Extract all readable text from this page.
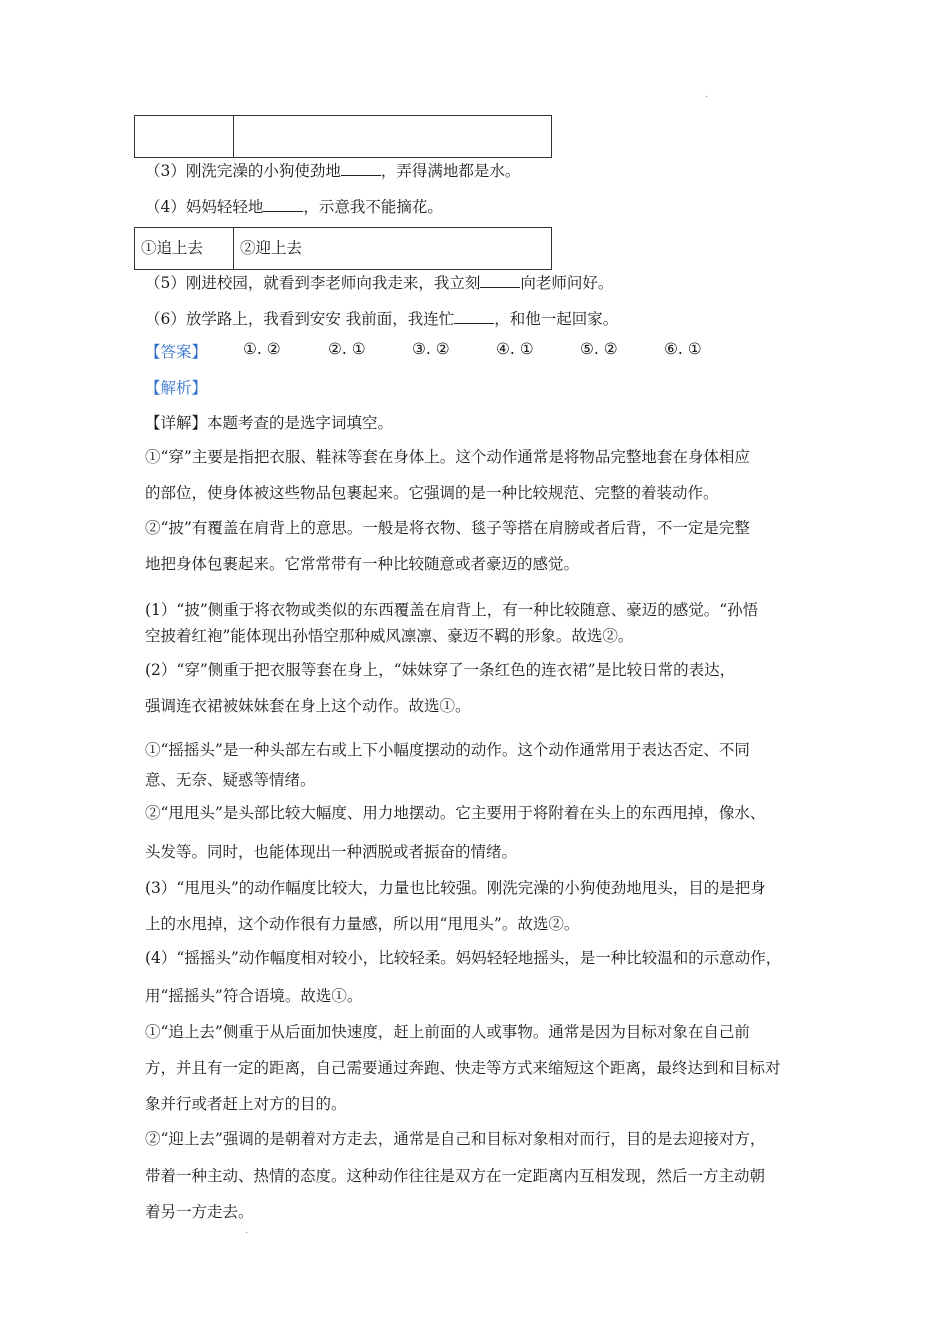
·
·
（3）刚洗完澡的小狗使劲地	，弄得满地都是水。
（4）妈妈轻轻地	，示意我不能摘花。
①追上去	②迎上去
（5）刚进校园，就看到李老师向我走来，我立刻	向老师问好。
（6）放学路上，我看到安安 我前面，我连忙	，和他一起回家。
【答案】 ①. ②	②. ①	③. ②	④. ①	⑤. ②	⑥. ①
【解析】
【详解】本题考查的是选字词填空。
①“穿”主要是指把衣服、鞋袜等套在身体上。这个动作通常是将物品完整地套在身体相应
的部位，使身体被这些物品包裹起来。它强调的是一种比较规范、完整的着装动作。
②“披”有覆盖在肩背上的意思。一般是将衣物、毯子等搭在肩膀或者后背，不一定是完整
地把身体包裹起来。它常常带有一种比较随意或者豪迈的感觉。
(1）“披”侧重于将衣物或类似的东西覆盖在肩背上，有一种比较随意、豪迈的感觉。“孙悟
空披着红袍”能体现出孙悟空那种威风凛凛、豪迈不羁的形象。故选②。
(2）“穿”侧重于把衣服等套在身上，“妹妹穿了一条红色的连衣裙”是比较日常的表达，
强调连衣裙被妹妹套在身上这个动作。故选①。
①“摇摇头”是一种头部左右或上下小幅度摆动的动作。这个动作通常用于表达否定、不同
意、无奈、疑惑等情绪。
②“甩甩头”是头部比较大幅度、用力地摆动。它主要用于将附着在头上的东西甩掉，像水、
头发等。同时，也能体现出一种洒脱或者振奋的情绪。
(3）“甩甩头”的动作幅度比较大，力量也比较强。刚洗完澡的小狗使劲地甩头，目的是把身
上的水甩掉，这个动作很有力量感，所以用“甩甩头”。故选②。
(4）“摇摇头”动作幅度相对较小，比较轻柔。妈妈轻轻地摇头，是一种比较温和的示意动作，
用“摇摇头”符合语境。故选①。
①“追上去”侧重于从后面加快速度，赶上前面的人或事物。通常是因为目标对象在自己前
方，并且有一定的距离，自己需要通过奔跑、快走等方式来缩短这个距离，最终达到和目标对
象并行或者赶上对方的目的。
②“迎上去”强调的是朝着对方走去，通常是自己和目标对象相对而行，目的是去迎接对方，
带着一种主动、热情的态度。这种动作往往是双方在一定距离内互相发现，然后一方主动朝
着另一方走去。
